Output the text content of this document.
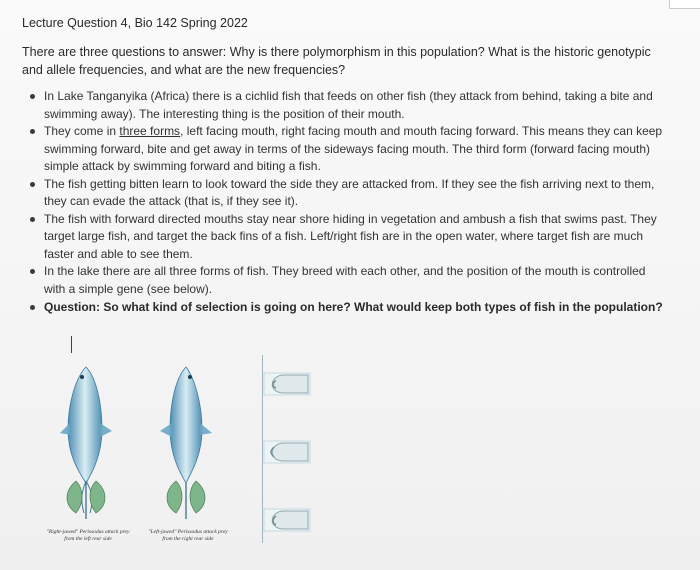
Lecture Question 4, Bio 142 Spring 2022
There are three questions to answer: Why is there polymorphism in this population? What is the historic genotypic and allele frequencies, and what are the new frequencies?
In Lake Tanganyika (Africa) there is a cichlid fish that feeds on other fish (they attack from behind, taking a bite and swimming away). The interesting thing is the position of their mouth.
They come in three forms, left facing mouth, right facing mouth and mouth facing forward. This means they can keep swimming forward, bite and get away in terms of the sideways facing mouth. The third form (forward facing mouth) simple attack by swimming forward and biting a fish.
The fish getting bitten learn to look toward the side they are attacked from. If they see the fish arriving next to them, they can evade the attack (that is, if they see it).
The fish with forward directed mouths stay near shore hiding in vegetation and ambush a fish that swims past. They target large fish, and target the back fins of a fish. Left/right fish are in the open water, where target fish are much faster and able to see them.
In the lake there are all three forms of fish. They breed with each other, and the position of the mouth is controlled with a simple gene (see below).
Question: So what kind of selection is going on here? What would keep both types of fish in the population?
"Right-jawed" Perissodus attack prey from the left rear side
"Left-jawed" Perissodus attack prey from the right rear side
